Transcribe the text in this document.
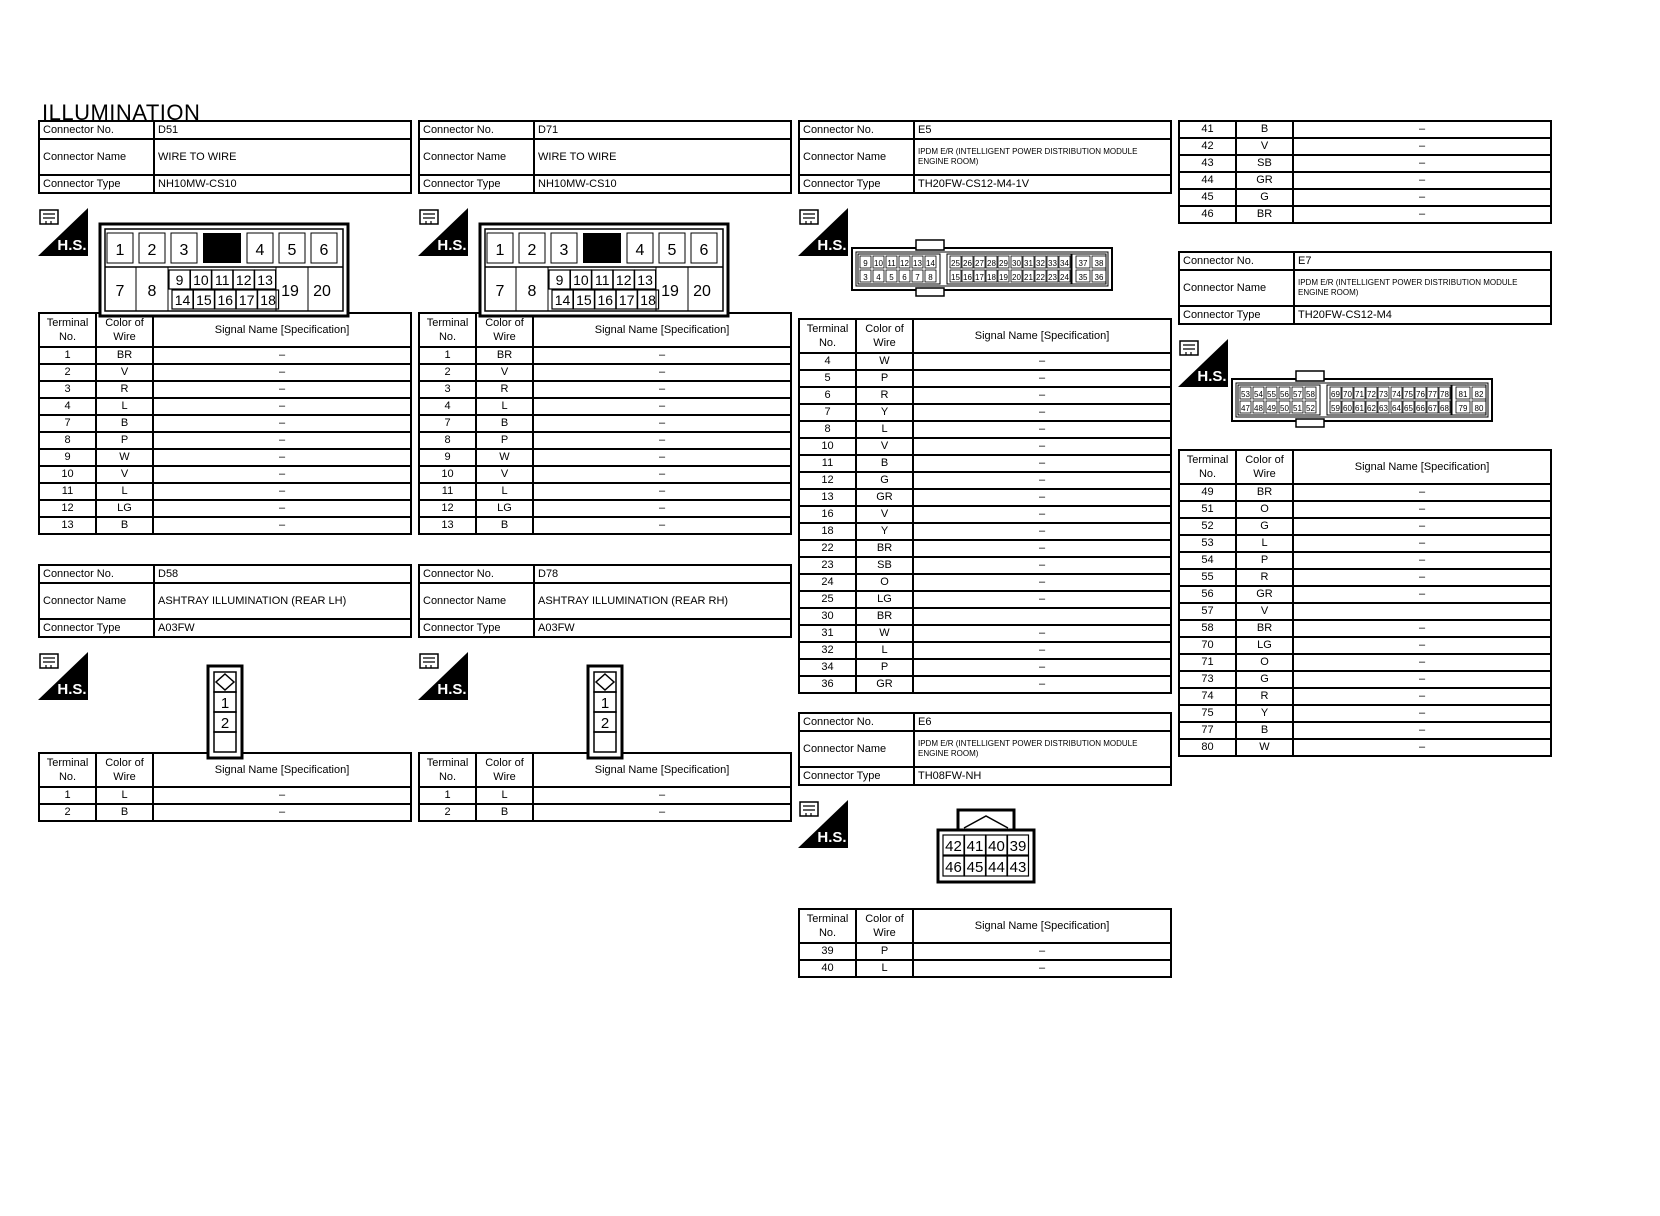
ILLUMINATION
Connector No.	D51
Connector Name	WIRE TO WIRE
Connector Type	NH10MW-CS10
H.S. 1 2 3	4 5 6
7 8	19 20
9
14
10
15
11
16
12
17
13
18
Terminal No.	Color of Wire	Signal Name [Specification]
1	BR	–
2	V	–
3	R	–
4	L	–
7	B	–
8	P	–
9	W	–
10	V	–
11	L	–
12	LG	–
13	B	–
Connector No.	D71
Connector Name	WIRE TO WIRE
Connector Type	NH10MW-CS10
H.S. 1 2 3	4 5 6
7 8	19 20
9
14
10
15
11
16
12
17
13
18
Terminal No.	Color of Wire	Signal Name [Specification]
1	BR	–
2	V	–
3	R	–
4	L	–
7	B	–
8	P	–
9	W	–
10	V	–
11	L	–
12	LG	–
13	B	–
Connector No.	D58
Connector Name	ASHTRAY ILLUMINATION (REAR LH)
Connector Type	A03FW
H.S.
1
2
Terminal No.	Color of Wire	Signal Name [Specification]
1	L	–
2	B	–
Connector No.	D78
Connector Name	ASHTRAY ILLUMINATION (REAR RH)
Connector Type	A03FW
H.S.
1
2
Terminal No.	Color of Wire	Signal Name [Specification]
1	L	–
2	B	–
Connector No.	E5
Connector Name	IPDM E/R (INTELLIGENT POWER DISTRIBUTION MODULE ENGINE ROOM)
Connector Type	TH20FW-CS12-M4-1V
H.S.
9
3
10
4
11
5
12
6
13
7
14
8
25
15
26
16
27
17
28
18
29
19
30
20
31
21
32
22
33
23
34
24
37
35
38
36
Terminal No.	Color of Wire	Signal Name [Specification]
4	W	–
5	P	–
6	R	–
7	Y	–
8	L	–
10	V	–
11	B	–
12	G	–
13	GR	–
16	V	–
18	Y	–
22	BR	–
23	SB	–
24	O	–
25	LG	–
30	BR	
31	W	–
32	L	–
34	P	–
36	GR	–
Connector No.	E6
Connector Name	IPDM E/R (INTELLIGENT POWER DISTRIBUTION MODULE ENGINE ROOM)
Connector Type	TH08FW-NH
H.S.
42
46
41
45
40
44
39
43
Terminal No.	Color of Wire	Signal Name [Specification]
39	P	–
40	L	–
41	B	–
42	V	–
43	SB	–
44	GR	–
45	G	–
46	BR	–
Connector No.	E7
Connector Name	IPDM E/R (INTELLIGENT POWER DISTRIBUTION MODULE ENGINE ROOM)
Connector Type	TH20FW-CS12-M4
H.S.
53
47
54
48
55
49
56
50
57
51
58
52
69
59
70
60
71
61
72
62
73
63
74
64
75
65
76
66
77
67
78
68
81
79
82
80
Terminal No.	Color of Wire	Signal Name [Specification]
49	BR	–
51	O	–
52	G	–
53	L	–
54	P	–
55	R	–
56	GR	–
57	V	
58	BR	–
70	LG	–
71	O	–
73	G	–
74	R	–
75	Y	–
77	B	–
80	W	–
